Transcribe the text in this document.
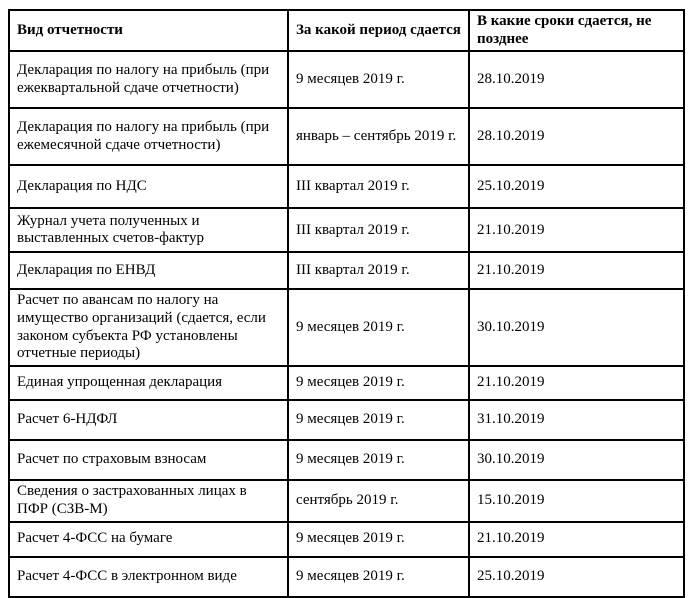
Вид отчетности	За какой период сдается	В какие сроки сдается, не позднее
Декларация по налогу на прибыль (при ежеквартальной сдаче отчетности)	9 месяцев 2019 г.	28.10.2019
Декларация по налогу на прибыль (при ежемесячной сдаче отчетности)	январь – сентябрь 2019 г.	28.10.2019
Декларация по НДС	III квартал 2019 г.	25.10.2019
Журнал учета полученных и выставленных счетов-фактур	III квартал 2019 г.	21.10.2019
Декларация по ЕНВД	III квартал 2019 г.	21.10.2019
Расчет по авансам по налогу на имущество организаций (сдается, если законом субъекта РФ установлены отчетные периоды)	9 месяцев 2019 г.	30.10.2019
Единая упрощенная декларация	9 месяцев 2019 г.	21.10.2019
Расчет 6-НДФЛ	9 месяцев 2019 г.	31.10.2019
Расчет по страховым взносам	9 месяцев 2019 г.	30.10.2019
Сведения о застрахованных лицах в ПФР (СЗВ-М)	сентябрь 2019 г.	15.10.2019
Расчет 4-ФСС на бумаге	9 месяцев 2019 г.	21.10.2019
Расчет 4-ФСС в электронном виде	9 месяцев 2019 г.	25.10.2019
